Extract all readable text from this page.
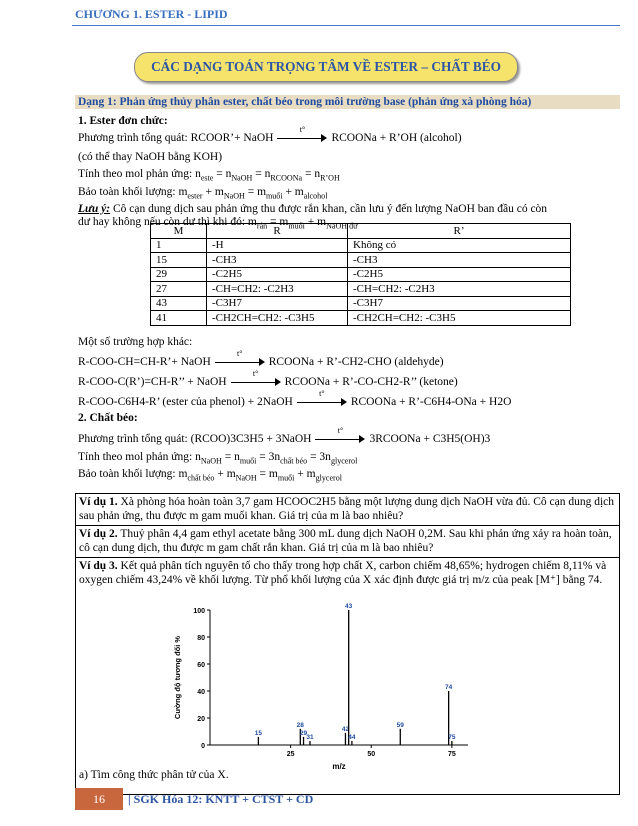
CHƯƠNG 1. ESTER - LIPID
CÁC DẠNG TOÁN TRỌNG TÂM VỀ ESTER – CHẤT BÉO
Dạng 1: Phản ứng thủy phân ester, chất béo trong môi trường base (phản ứng xà phòng hóa)
1. Ester đơn chức:
Phương trình tổng quát: RCOOR’+ NaOH
t°
RCOONa + R’OH (alcohol)
(có thể thay NaOH bằng KOH)
Tính theo mol phản ứng: $n_{este} = n_{NaOH} = n_{RCOONa} = n_{R’OH}$
Bảo toàn khối lượng: $m_{ester} + m_{NaOH} = m_{muối} + m_{alcohol}$
Lưu ý: Cô cạn dung dịch sau phản ứng thu được rắn khan, cần lưu ý đến lượng NaOH ban đầu có còn
dư hay không nếu còn dư thì khi đó: $m_{rắn} = m_{muối} + m_{NaOH dư}$
M	R	R’
1	-H	Không có
15	-CH3	-CH3
29	-C2H5	-C2H5
27	-CH=CH2: -C2H3	-CH=CH2: -C2H3
43	-C3H7	-C3H7
41	-CH2CH=CH2: -C3H5	-CH2CH=CH2: -C3H5
Một số trường hợp khác:
R-COO-CH=CH-R’+ NaOH
t°
RCOONa + R’-CH2-CHO (aldehyde)
R-COO-C(R’)=CH-R’’ + NaOH
t°
RCOONa + R’-CO-CH2-R’’ (ketone)
R-COO-C6H4-R’ (ester của phenol) + 2NaOH
t°
RCOONa + R’-C6H4-ONa + H2O
2. Chất béo:
Phương trình tổng quát: (RCOO)3C3H5 + 3NaOH
t°
3RCOONa + C3H5(OH)3
Tính theo mol phản ứng: $n_{NaOH} = n_{muối} = 3n_{chất béo} = 3n_{glycerol}$
Bảo toàn khối lượng: $m_{chất béo} + m_{NaOH} = m_{muối} + m_{glycerol}$
Ví dụ 1. Xà phòng hóa hoàn toàn 3,7 gam HCOOC2H5 bằng một lượng dung dịch NaOH vừa đủ. Cô cạn dung dịch sau phản ứng, thu được m gam muối khan. Giá trị của m là bao nhiêu?
Ví dụ 2. Thuỷ phân 4,4 gam ethyl acetate bằng 300 mL dung dịch NaOH 0,2M. Sau khi phản ứng xảy ra hoàn toàn, cô cạn dung dịch, thu được m gam chất rắn khan. Giá trị của m là bao nhiêu?
Ví dụ 3. Kết quả phân tích nguyên tố cho thấy trong hợp chất X, carbon chiếm 48,65%; hydrogen chiếm 8,11% và oxygen chiếm 43,24% về khối lượng. Từ phổ khối lượng của X xác định được giá trị m/z của peak [M⁺] bằng 74.
a) Tìm công thức phân tử của X.
0
20
40
60
80
100
25	50	75
15
28
29
31
42
43
44
59
74
75
m/z
Cường độ tương đối %
16	| SGK Hóa 12: KNTT + CTST + CD
